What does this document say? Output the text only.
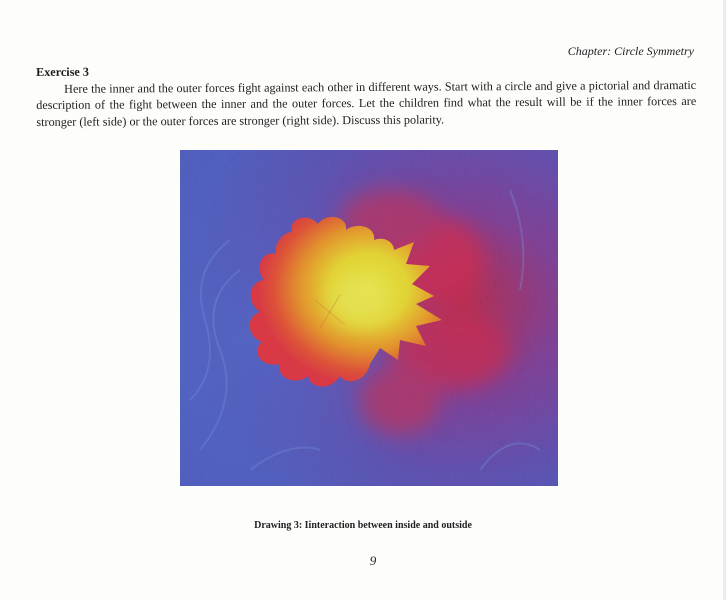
Chapter: Circle Symmetry

Exercise 3

Here the inner and the outer forces fight against each other in different ways. Start with a circle and give a pictorial and dramatic description of the fight between the inner and the outer forces. Let the children find what the result will be if the inner forces are stronger (left side) or the outer forces are stronger (right side). Discuss this polarity.

Drawing 3: Iinteraction between inside and outside
9
